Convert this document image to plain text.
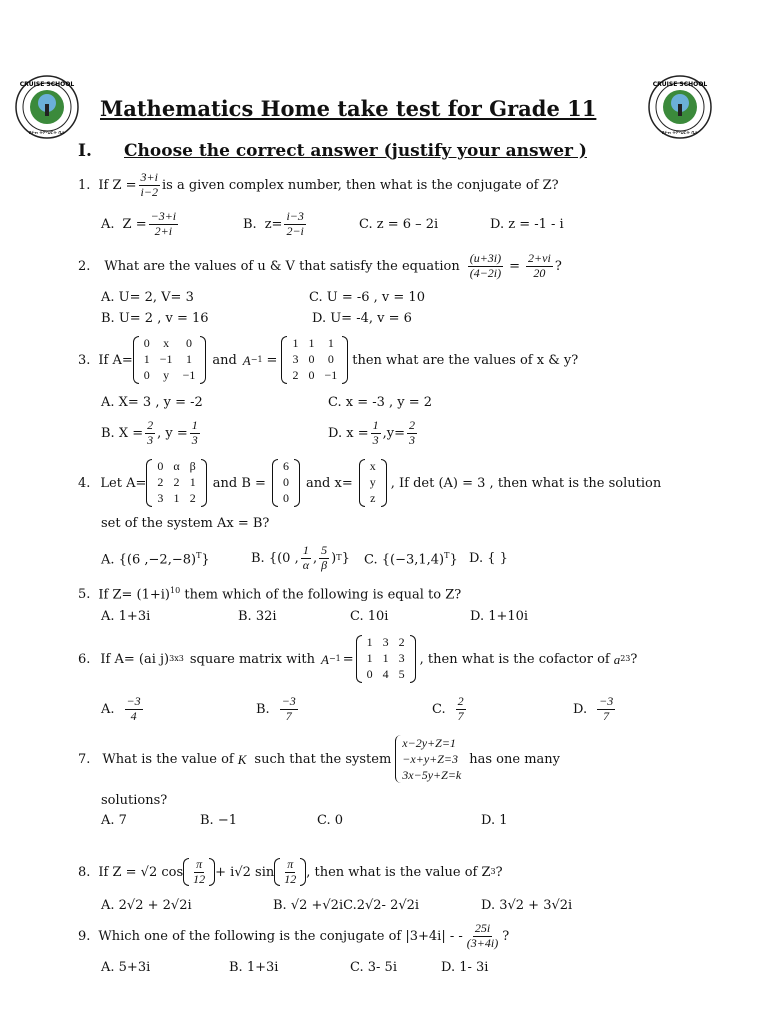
CRUISE SCHOOL
ክሩዝ ትምህርት ቤት
CRUISE SCHOOL
ክሩዝ ትምህርት ቤት
Mathematics Home take test for Grade 11
I. Choose the correct answer (justify your answer )
1. If $Z = \frac{3+i}{i-2}$ is a given complex number, then what is the conjugate of Z?
A. $Z = \frac{-3+i}{2+i}$	B. $z= \frac{i-3}{2-i}$	C. z = 6 – 2i	D. z = -1 - i
2. What are the values of u & V that satisfy the equation $\frac{(u+3i)}{(4-2i)} = \frac{2+vi}{20}$ ?
A. U= 2, V= 3	C. U = -6 , v = 10
B. U= 2 , v = 16	D. U= -4, v = 6
3. If A=
0	x	0
1	−1	1
0	y	−1
and A −1 =
1	1	1
3	0	0
2	0	−1
then what are the values of x & y?
A. X= 3 , y = -2	C. x = -3 , y = 2
B. $X = \frac{2}{3}$ , $y = \frac{1}{3}$	D. $x = \frac{1}{3} ,y= \frac{2}{3}$
4. Let A=
0	α	β
2	2	1
3	1	2
and B =
6
0
0
and x=
x
y
z
, If det (A) = 3 , then what is the solution
set of the system Ax = B?
A. {(6 ,−2,−8)$^T$}	B. {(0 , $\frac{1}{\alpha}$ , $\frac{5}{\beta}$ ) T } C. $\{(-3,1,4)^T\}$ D. { }
5. If $Z= (1+i)^{10}$ them which of the following is equal to Z?
A. 1+3i	B. 32i	C. 10i	D. 1+10i
6. If A= (ai j) 3x3 square matrix with A −1 =
1	3	2
1	1	3
0	4	5
, then what is the cofactor of a 23 ?
A. $\frac{-3}{4}$	B. $\frac{-3}{7}$	C. $\frac{2}{7}$	D. $\frac{-3}{7}$
7. What is the value of K such that the system
x−2y+Z=1
−x+y+Z=3
3x−5y+Z=k
has one many
solutions?
A. 7	B. −1	C. 0	D. 1
8. If Z = √2 $\cos \frac{\pi}{12} + i√2$ $\sin \frac{\pi}{12}$ , then what is the value of Z 3 ?
A. 2√2 + 2√2i	B. √2 +√2iC.2√2- 2√2i	D. 3√2 + 3√2i
9. Which one of the following is the conjugate of |3+4i| - - $\frac{25i}{(3+4i)}$ ?
A. 5+3i	B. 1+3i	C. 3- 5i	D. 1- 3i
